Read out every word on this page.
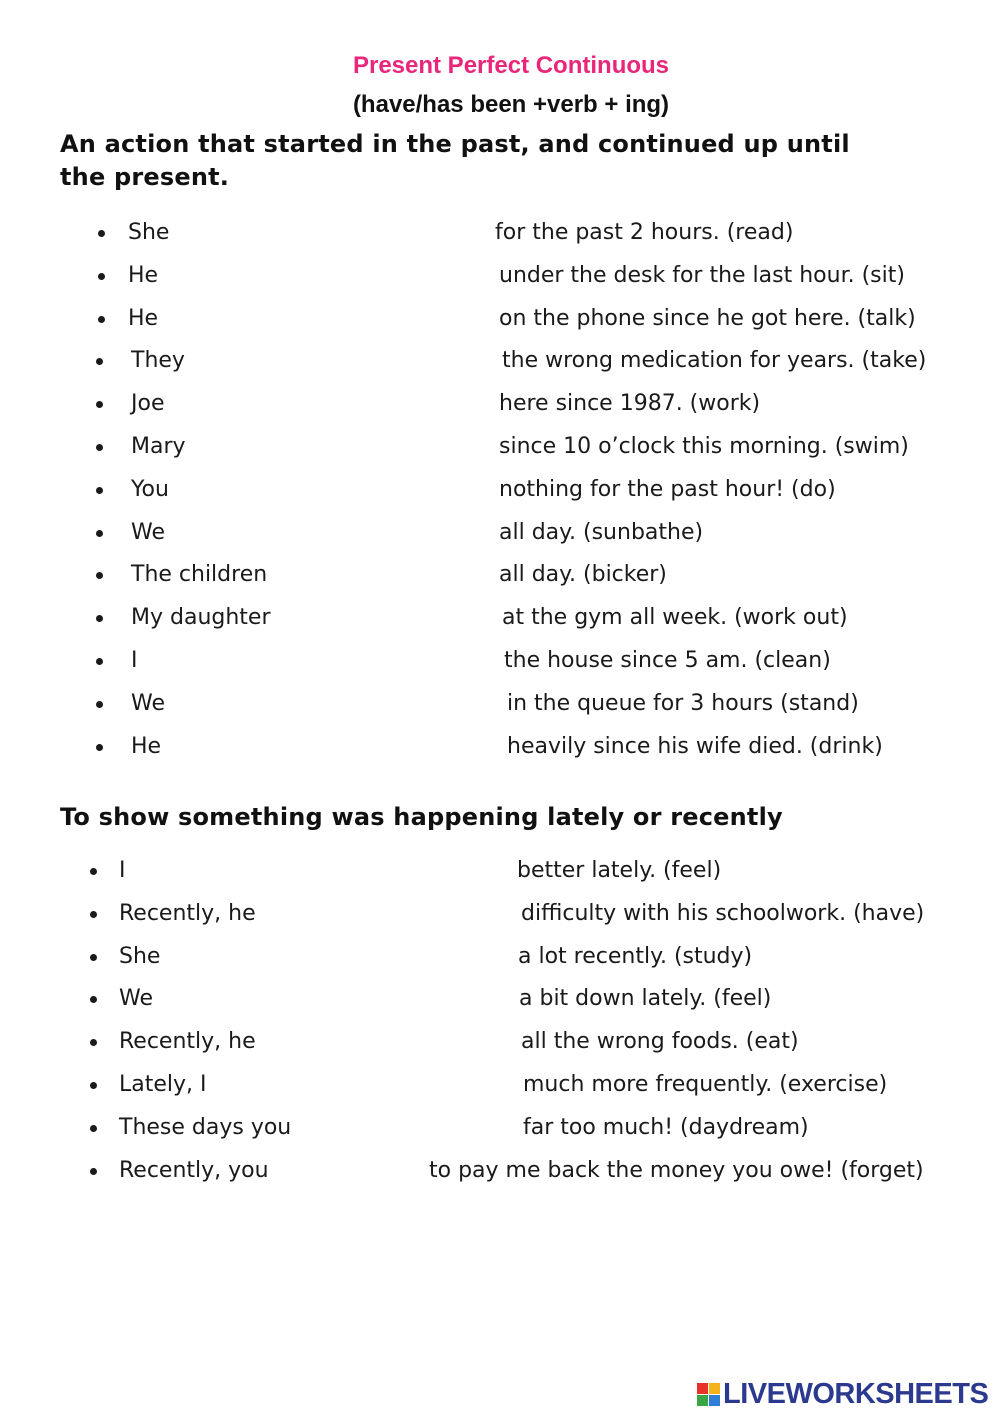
Present Perfect Continuous
(have/has been +verb + ing)
An action that started in the past, and continued up until the present.
She	for the past 2 hours. (read)
He	under the desk for the last hour. (sit)
He	on the phone since he got here. (talk)
They	the wrong medication for years. (take)
Joe	here since 1987. (work)
Mary	since 10 o’clock this morning. (swim)
You	nothing for the past hour! (do)
We	all day. (sunbathe)
The children	all day. (bicker)
My daughter	at the gym all week. (work out)
I	the house since 5 am. (clean)
We	in the queue for 3 hours (stand)
He	heavily since his wife died. (drink)
To show something was happening lately or recently
I	better lately. (feel)
Recently, he	difficulty with his schoolwork. (have)
She	a lot recently. (study)
We	a bit down lately. (feel)
Recently, he	all the wrong foods. (eat)
Lately, I	much more frequently. (exercise)
These days you	far too much! (daydream)
Recently, you	to pay me back the money you owe! (forget)
LIVEWORKSHEETS
